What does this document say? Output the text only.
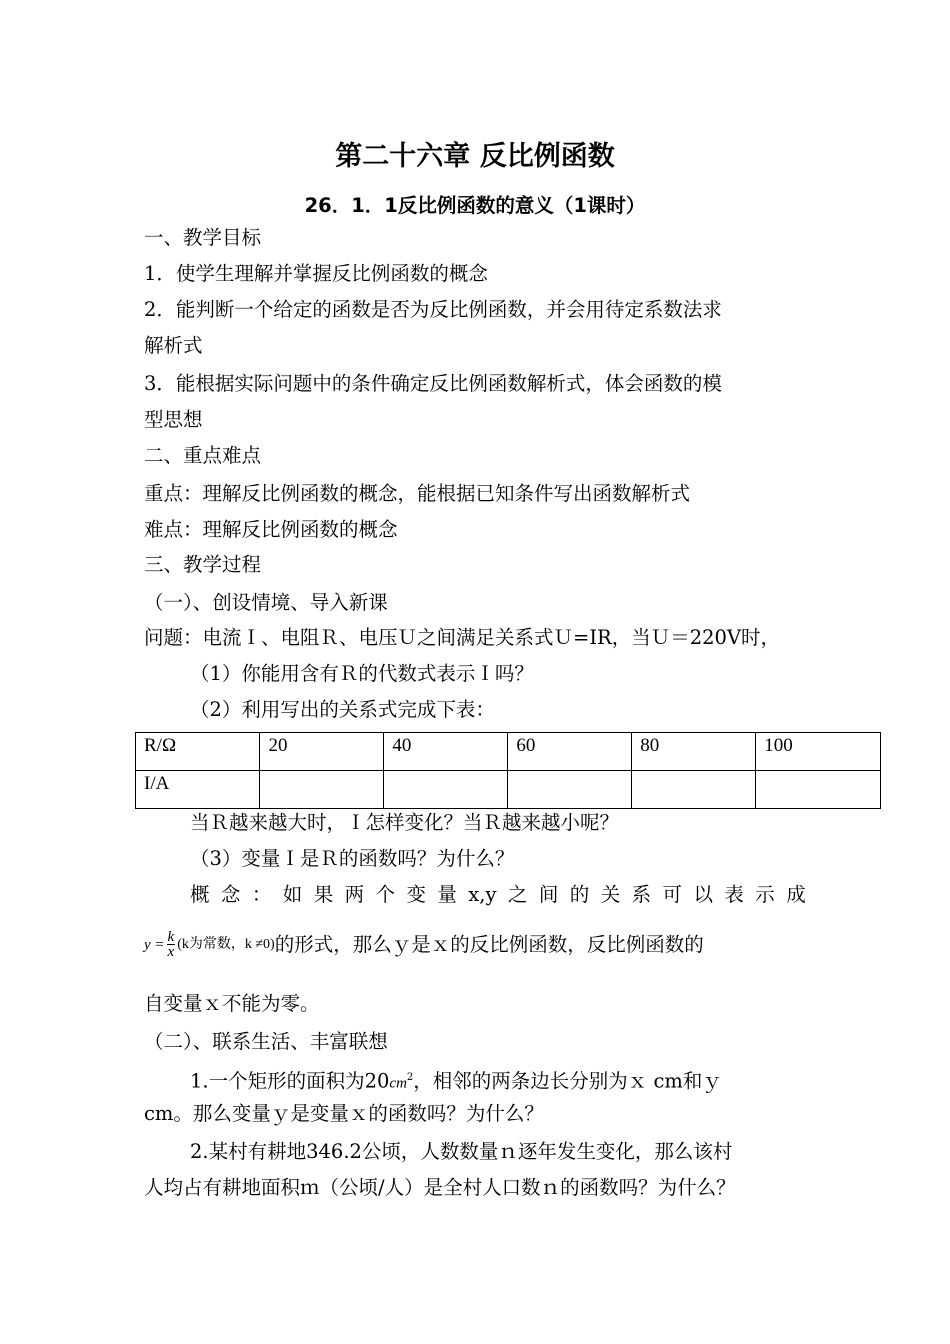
第二十六章 反比例函数
26．1．1反比例函数的意义（1课时）
一、教学目标
1．使学生理解并掌握反比例函数的概念
2．能判断一个给定的函数是否为反比例函数，并会用待定系数法求
解析式
3．能根据实际问题中的条件确定反比例函数解析式，体会函数的模
型思想
二、重点难点
重点：理解反比例函数的概念，能根据已知条件写出函数解析式
难点：理解反比例函数的概念
三、教学过程
（一）、创设情境、导入新课
问题：电流Ｉ、电阻Ｒ、电压Ｕ之间满足关系式Ｕ=IR，当Ｕ＝220V时，
（1）你能用含有Ｒ的代数式表示Ｉ吗？
（2）利用写出的关系式完成下表：
R/Ω	20	40	60	80	100
I/A					
当Ｒ越来越大时，Ｉ怎样变化？当Ｒ越来越小呢？
（3）变量Ｉ是Ｒ的函数吗？为什么？
概 念 ： 如 果 两 个 变 量 x,y 之 间 的 关 系 可 以 表 示 成
$y = \frac{k}{x} (k$为常数，k ≠0) 的形式，那么ｙ是ｘ的反比例函数，反比例函数的
自变量ｘ不能为零。
（二）、联系生活、丰富联想
1.一个矩形的面积为$20cm^2$，相邻的两条边长分别为ｘ cm和ｙ
cm。那么变量ｙ是变量ｘ的函数吗？为什么？
2.某村有耕地346.2公顷，人数数量ｎ逐年发生变化，那么该村
人均占有耕地面积ｍ（公顷/人）是全村人口数ｎ的函数吗？为什么？
